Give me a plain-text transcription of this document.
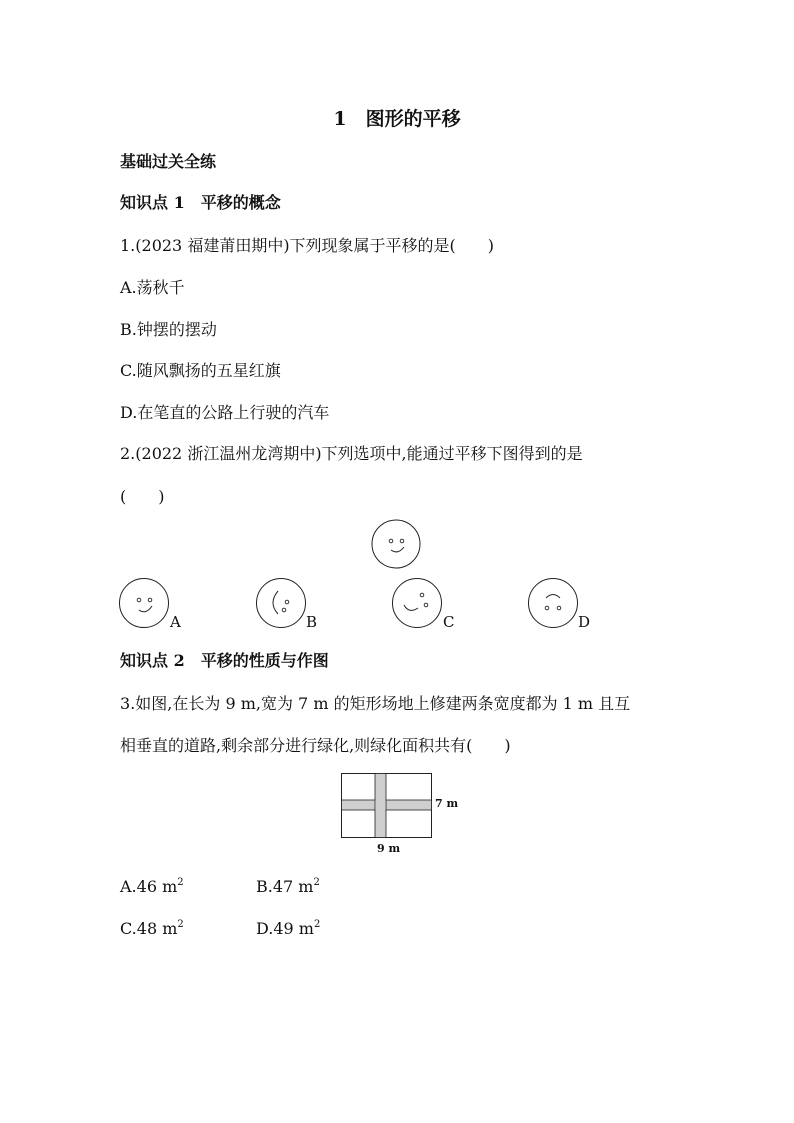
1　图形的平移
基础过关全练
知识点 1　平移的概念
1.(2023 福建莆田期中)下列现象属于平移的是(　　)
A.荡秋千
B.钟摆的摆动
C.随风飘扬的五星红旗
D.在笔直的公路上行驶的汽车
2.(2022 浙江温州龙湾期中)下列选项中,能通过平移下图得到的是
(　　)
A	B	C	D
知识点 2　平移的性质与作图
3.如图,在长为 9 m,宽为 7 m 的矩形场地上修建两条宽度都为 1 m 且互
相垂直的道路,剩余部分进行绿化,则绿化面积共有(　　)
7 m
9 m
A.46 $m^2$	B.47 $m^2$
C.48 $m^2$	D.49 $m^2$
